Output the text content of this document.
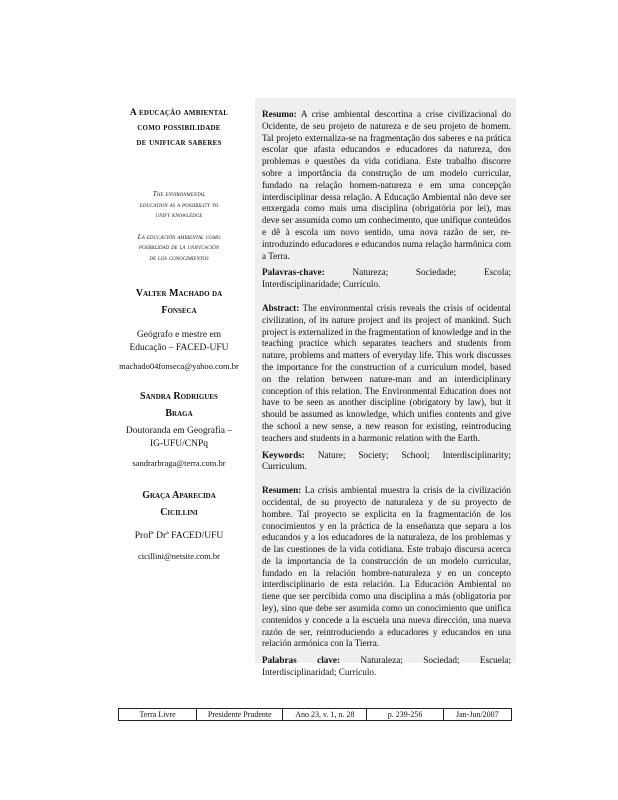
A educação ambiental

como possibilidade

de unificar saberes

The environmental

education as a possibility to

unify knowledge

La educación ambiental como

posibilidad de la unificación

de los conocimientos

Valter Machado da

Fonseca

Geógrafo e mestre em

Educação – FACED-UFU

machado04fonseca@yahoo.com.br

Sandra Rodrigues

Braga

Doutoranda em Geografia –

IG-UFU/CNPq

sandrarbraga@terra.com.br

Graça Aparecida

Cicillini

Profª Drª FACED/UFU

cicillini@netsite.com.br

Resumo: A crise ambiental descortina a crise civilizacional do Ocidente, de seu projeto de natureza e de seu projeto de homem. Tal projeto externaliza-se na fragmentação dos saberes e na prática escolar que afasta educandos e educadores da natureza, dos problemas e questões da vida cotidiana. Este trabalho discorre sobre a importância da construção de um modelo curricular, fundado na relação homem-natureza e em uma concepção interdisciplinar dessa relação. A Educação Ambiental não deve ser enxergada como mais uma disciplina (obrigatória por lei), mas deve ser assumida como um conhecimento, que unifique conteúdos e dê à escola um novo sentido, uma nova razão de ser, re-introduzindo educadores e educandos numa relação harmônica com a Terra.

Palavras-chave:	Natureza; Sociedade; Escola; Interdisciplinaridade; Currículo.

Abstract: The environmental crisis reveals the crisis of ocidental civilization, of its nature project and its project of mankind. Such project is externalized in the fragmentation of knowledge and in the teaching practice which separates teachers and students from nature, problems and matters of everyday life. This work discusses the importance for the construction of a curriculum model, based on the relation between nature-man and an interdiciplinary conception of this relation. The Environmental Education does not have to be seen as another discipline (obrigatory by law), but it should be assumed as knowledge, which unifies contents and give the school a new sense, a new reason for existing, reintroducing teachers and students in a harmonic relation with the Earth.

Keywords: Nature; Society; School; Interdisciplinarity; Curriculum.

Resumen: La crisis ambiental muestra la crisis de la civilización occidental, de su proyecto de naturaleza y de su proyecto de hombre. Tal proyecto se explicita en la fragmentación de los conocimientos y en la práctica de la enseñanza que separa a los educandos y a los educadores de la naturaleza, de los problemas y de las cuestiones de la vida cotidiana. Este trabajo discursa acerca de la importancia de la construcción de un modelo curricular, fundado en la relación hombre-naturaleza y en un concepto interdisciplinario de esta relación. La Educación Ambiental no tiene que ser percibida como una disciplina a más (obligatoria por ley), sino que debe ser asumida como un conocimiento que unifica contenidos y concede a la escuela una nueva dirección, una nueva razón de ser, reintroduciendo a educadores y educandos en una relación armónica con la Tierra.

Palabras clave: Naturaleza; Sociedad; Escuela; Interdisciplinaridad; Currículo.

Terra Livre	Presidente Prudente	Ano 23, v. 1, n. 28	p. 239-256	Jan-Jun/2007
